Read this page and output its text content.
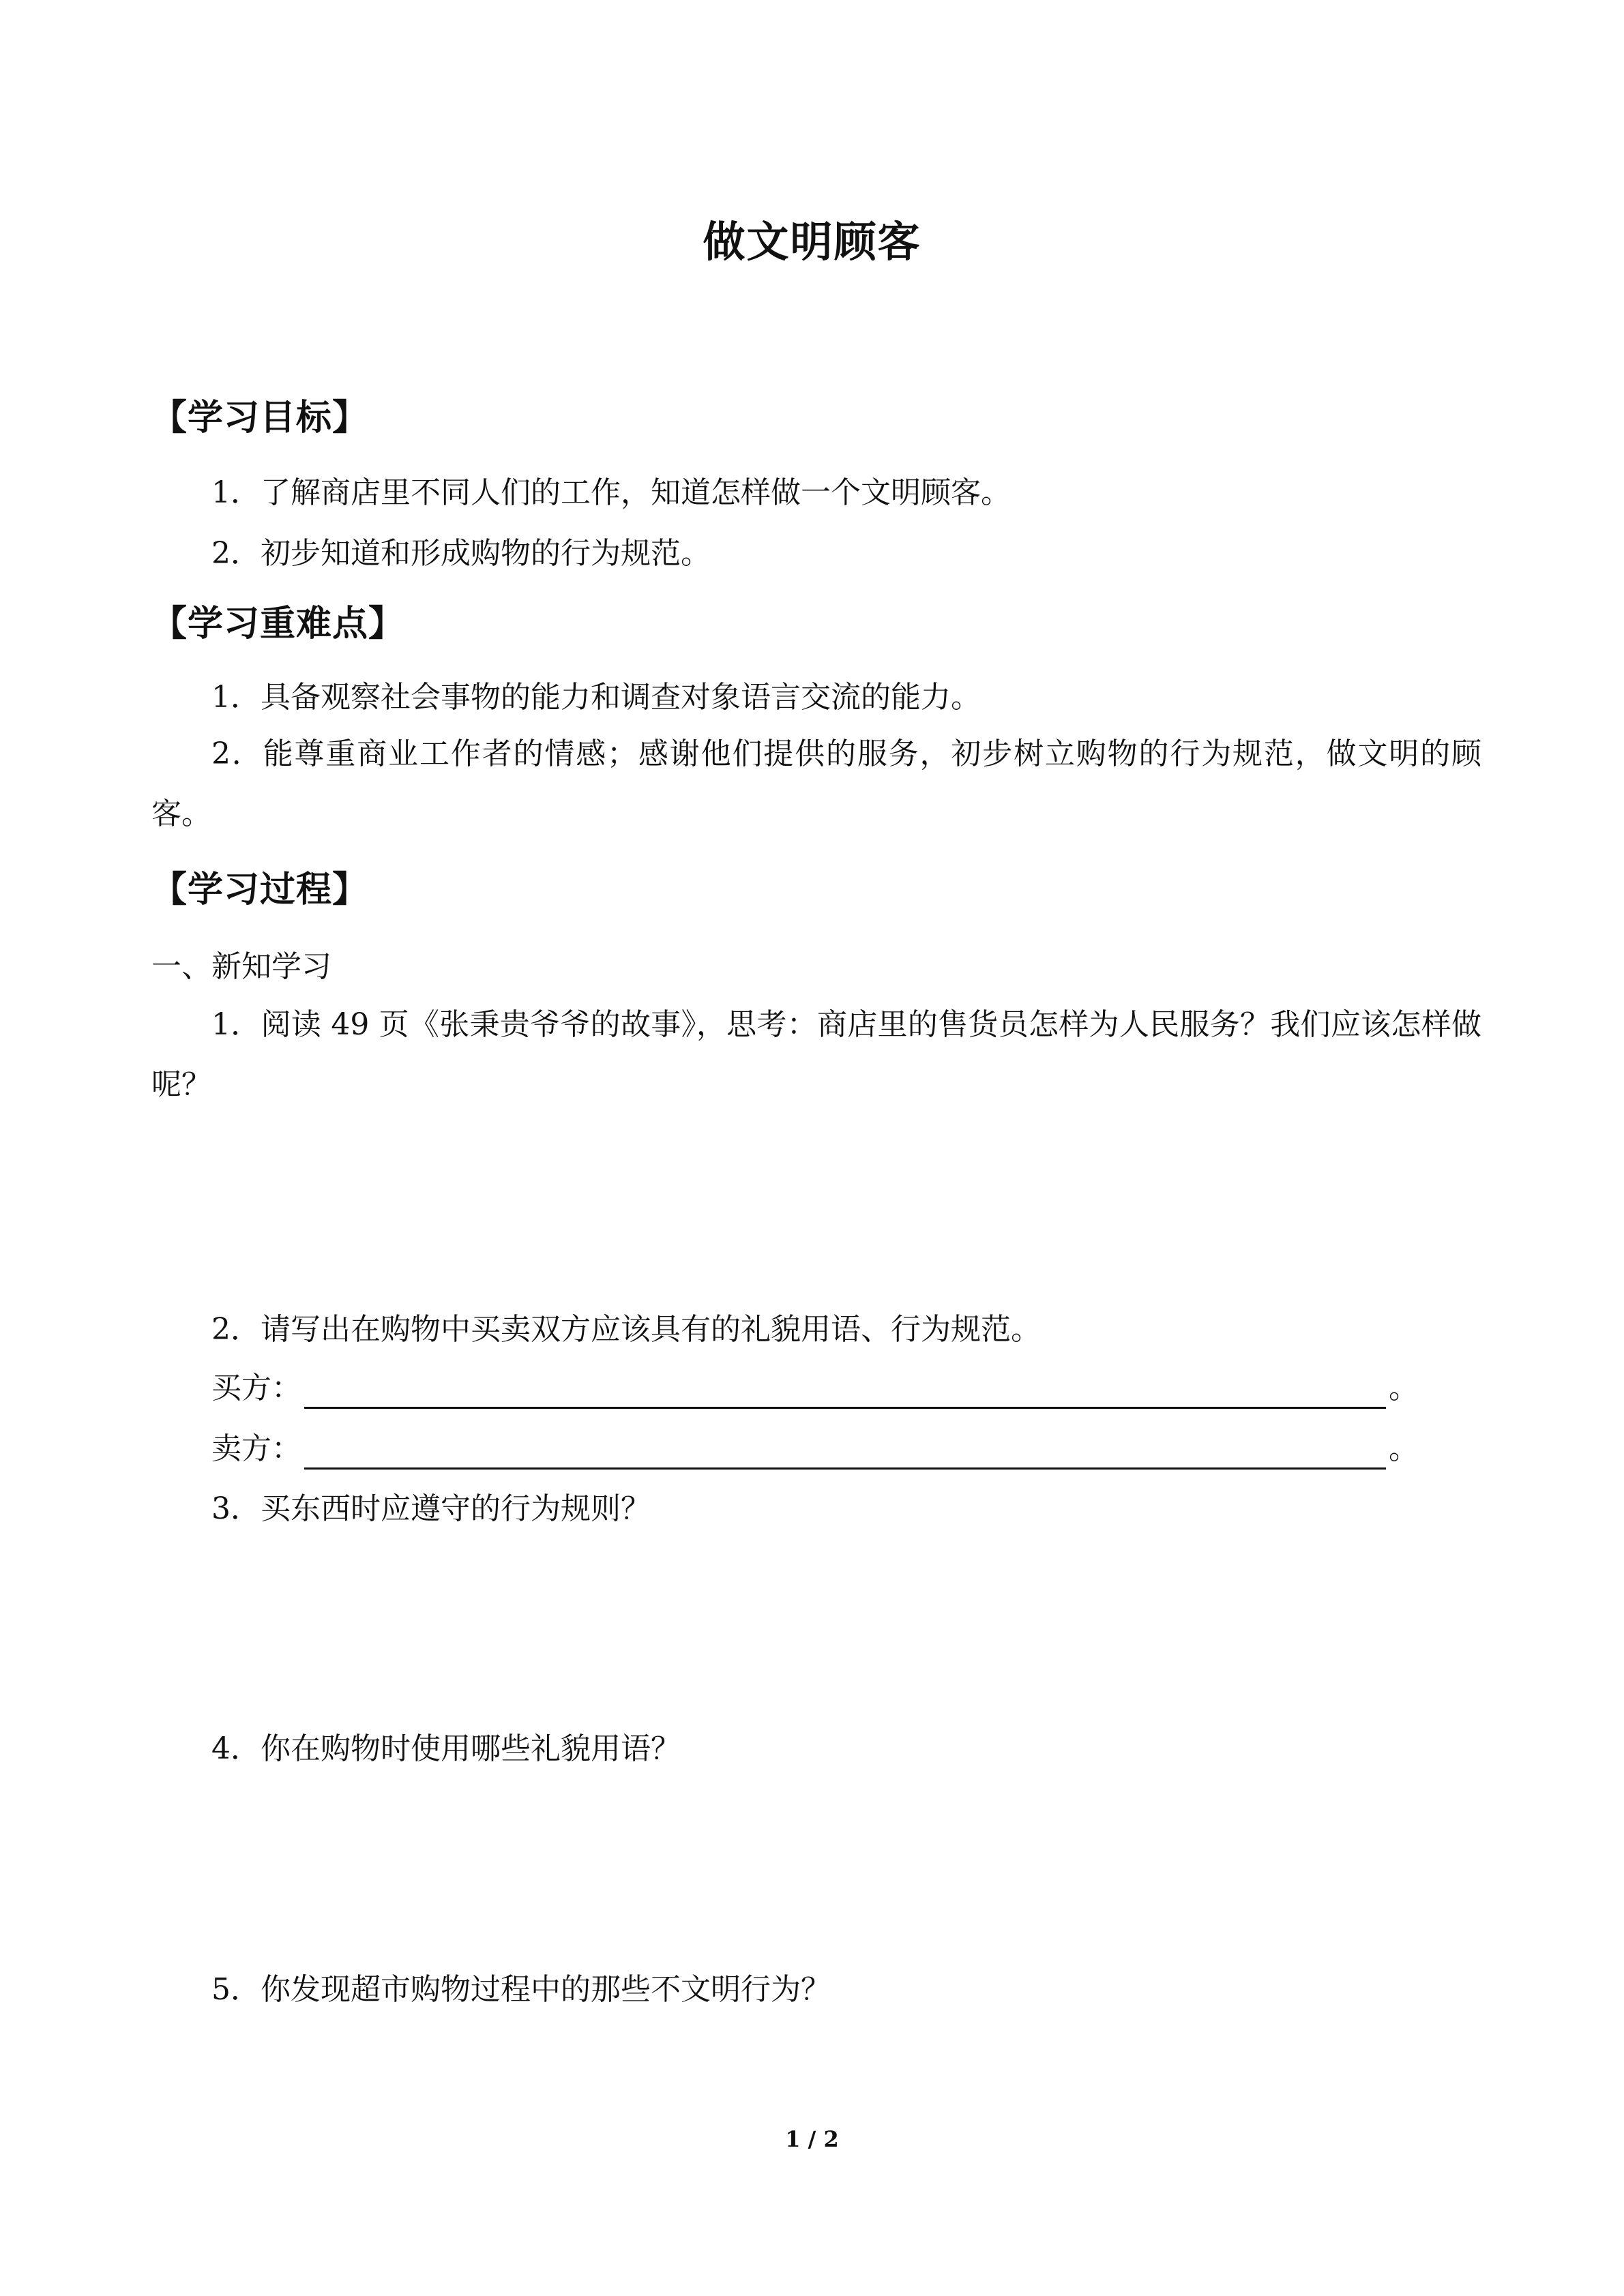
做文明顾客
【学习目标】
1．了解商店里不同人们的工作，知道怎样做一个文明顾客。
2．初步知道和形成购物的行为规范。
【学习重难点】
1．具备观察社会事物的能力和调查对象语言交流的能力。
2．能尊重商业工作者的情感；感谢他们提供的服务，初步树立购物的行为规范，做文明的顾客。
【学习过程】
一、新知学习
1．阅读 49 页《张秉贵爷爷的故事》，思考：商店里的售货员怎样为人民服务？我们应该怎样做呢？
2．请写出在购物中买卖双方应该具有的礼貌用语、行为规范。
买方：	。
卖方：	。
3．买东西时应遵守的行为规则？
4．你在购物时使用哪些礼貌用语？
5．你发现超市购物过程中的那些不文明行为？
1 / 2
